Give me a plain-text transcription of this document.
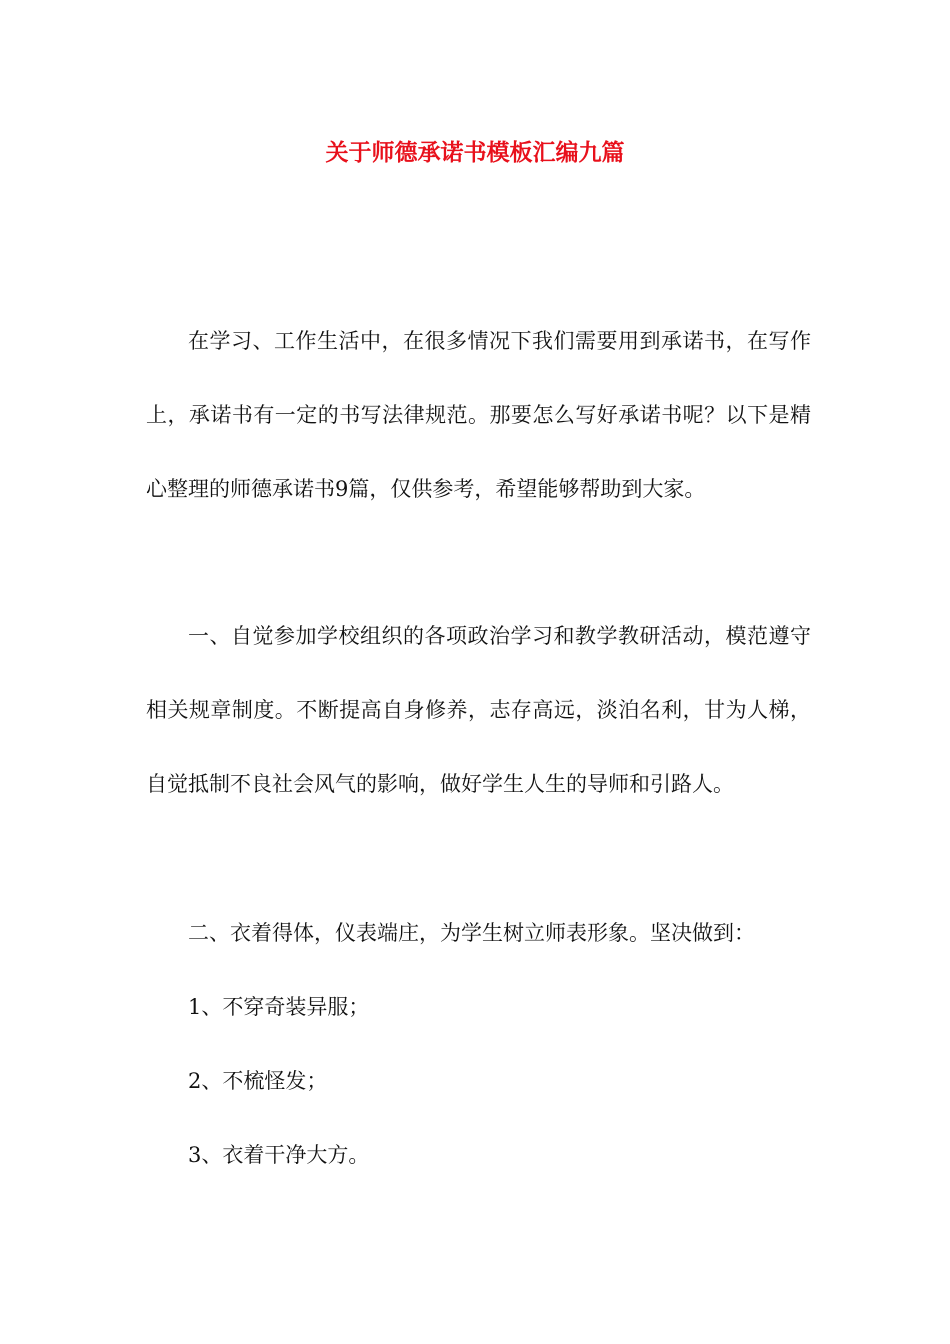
关于师德承诺书模板汇编九篇

在学习、工作生活中，在很多情况下我们需要用到承诺书，在写作上，承诺书有一定的书写法律规范。那要怎么写好承诺书呢？以下是精心整理的师德承诺书9篇，仅供参考，希望能够帮助到大家。

一、自觉参加学校组织的各项政治学习和教学教研活动，模范遵守相关规章制度。不断提高自身修养，志存高远，淡泊名利，甘为人梯，自觉抵制不良社会风气的影响，做好学生人生的导师和引路人。

二、衣着得体，仪表端庄，为学生树立师表形象。坚决做到：

1、不穿奇装异服；

2、不梳怪发；

3、衣着干净大方。
